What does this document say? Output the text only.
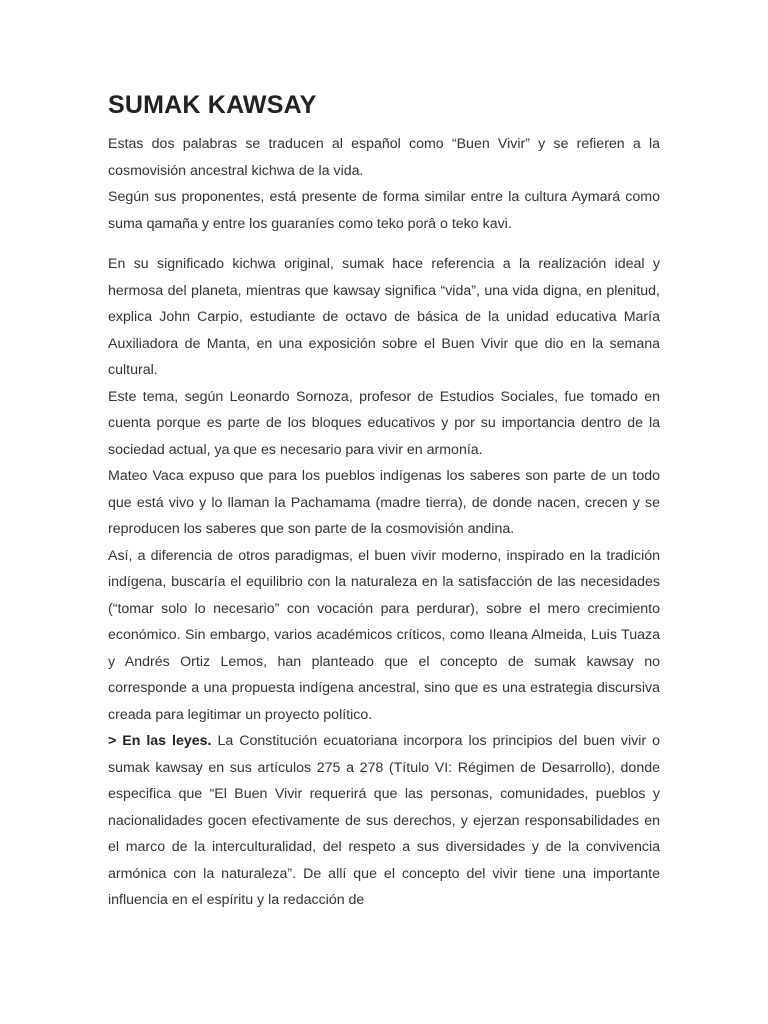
SUMAK KAWSAY

Estas dos palabras se traducen al español como “Buen Vivir” y se refieren a la cosmovisión ancestral kichwa de la vida.

Según sus proponentes, está presente de forma similar entre la cultura Aymará como suma qamaña y entre los guaraníes como teko porâ o teko kavi.

En su significado kichwa original, sumak hace referencia a la realización ideal y hermosa del planeta, mientras que kawsay significa “vida”, una vida digna, en plenitud, explica John Carpio, estudiante de octavo de básica de la unidad educativa María Auxiliadora de Manta, en una exposición sobre el Buen Vivir que dio en la semana cultural.

Este tema, según Leonardo Sornoza, profesor de Estudios Sociales, fue tomado en cuenta porque es parte de los bloques educativos y por su importancia dentro de la sociedad actual, ya que es necesario para vivir en armonía.

Mateo Vaca expuso que para los pueblos indígenas los saberes son parte de un todo que está vivo y lo llaman la Pachamama (madre tierra), de donde nacen, crecen y se reproducen los saberes que son parte de la cosmovisión andina.

Así, a diferencia de otros paradigmas, el buen vivir moderno, inspirado en la tradición indígena, buscaría el equilibrio con la naturaleza en la satisfacción de las necesidades (“tomar solo lo necesario” con vocación para perdurar), sobre el mero crecimiento económico. Sin embargo, varios académicos críticos, como Ileana Almeida, Luis Tuaza y Andrés Ortiz Lemos, han planteado que el concepto de sumak kawsay no corresponde a una propuesta indígena ancestral, sino que es una estrategia discursiva creada para legitimar un proyecto político.

> En las leyes. La Constitución ecuatoriana incorpora los principios del buen vivir o sumak kawsay en sus artículos 275 a 278 (Título VI: Régimen de Desarrollo), donde especifica que “El Buen Vivir requerirá que las personas, comunidades, pueblos y nacionalidades gocen efectivamente de sus derechos, y ejerzan responsabilidades en el marco de la interculturalidad, del respeto a sus diversidades y de la convivencia armónica con la naturaleza”. De allí que el concepto del vivir tiene una importante influencia en el espíritu y la redacción de
